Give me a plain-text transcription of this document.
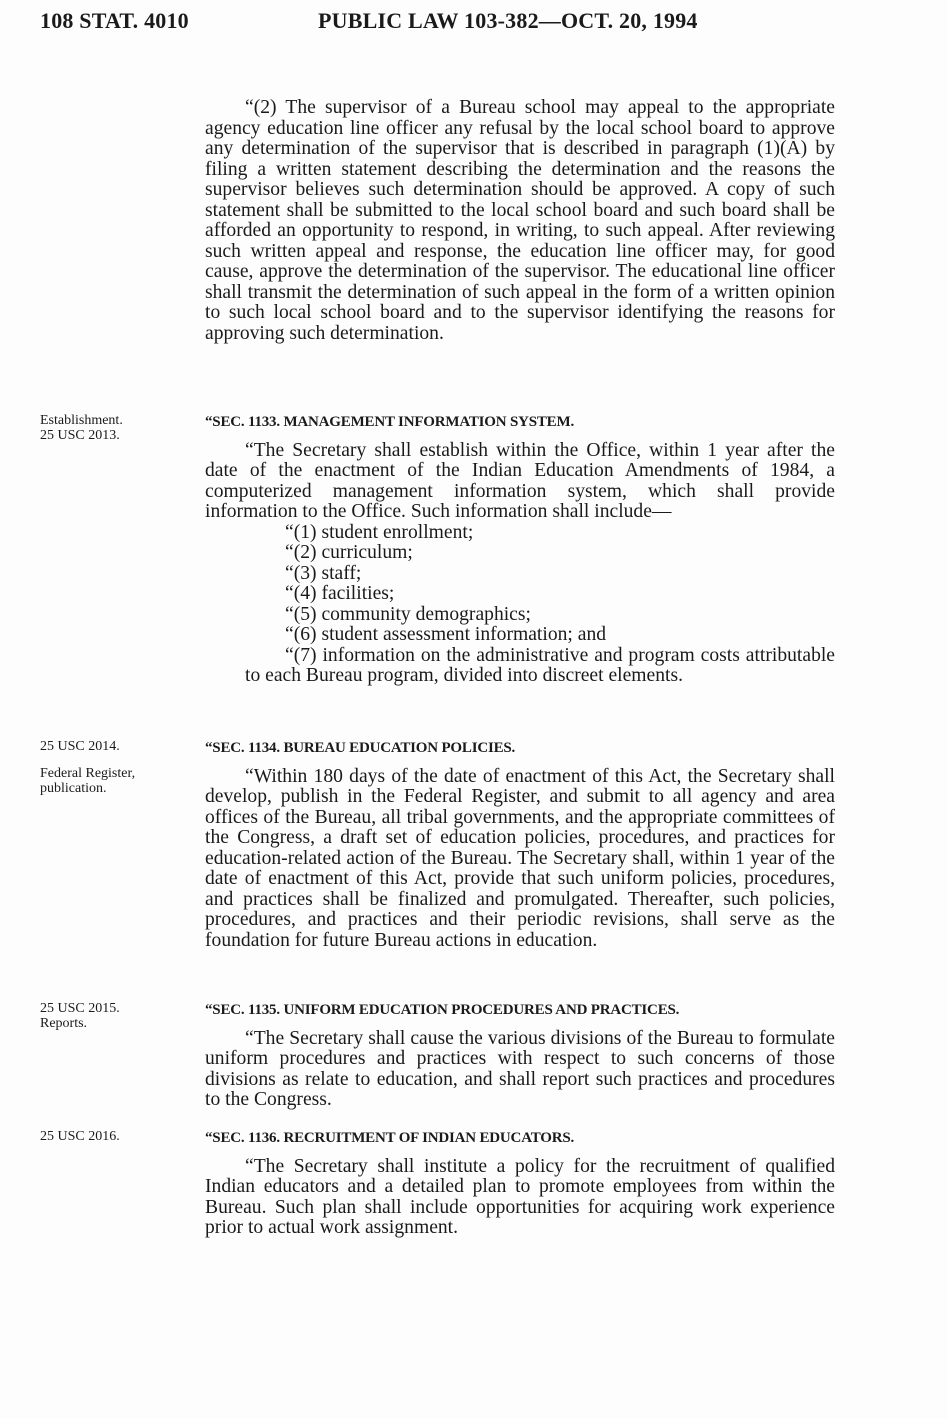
108 STAT. 4010	PUBLIC LAW 103-382—OCT. 20, 1994

“(2) The supervisor of a Bureau school may appeal to the appropriate agency education line officer any refusal by the local school board to approve any determination of the supervisor that is described in paragraph (1)(A) by filing a written statement describing the determination and the reasons the supervisor believes such determination should be approved. A copy of such statement shall be submitted to the local school board and such board shall be afforded an opportunity to respond, in writing, to such appeal. After reviewing such written appeal and response, the education line officer may, for good cause, approve the determination of the supervisor. The educational line officer shall transmit the determination of such appeal in the form of a written opinion to such local school board and to the supervisor identifying the reasons for approving such determination.

Establishment.
25 USC 2013.
“SEC. 1133. MANAGEMENT INFORMATION SYSTEM.

“The Secretary shall establish within the Office, within 1 year after the date of the enactment of the Indian Education Amendments of 1984, a computerized management information system, which shall provide information to the Office. Such information shall include—

“(1) student enrollment;
“(2) curriculum;
“(3) staff;
“(4) facilities;
“(5) community demographics;
“(6) student assessment information; and
“(7) information on the administrative and program costs attributable to each Bureau program, divided into discreet elements.
25 USC 2014.
Federal Register, publication.
“SEC. 1134. BUREAU EDUCATION POLICIES.

“Within 180 days of the date of enactment of this Act, the Secretary shall develop, publish in the Federal Register, and submit to all agency and area offices of the Bureau, all tribal governments, and the appropriate committees of the Congress, a draft set of education policies, procedures, and practices for education-related action of the Bureau. The Secretary shall, within 1 year of the date of enactment of this Act, provide that such uniform policies, procedures, and practices shall be finalized and promulgated. Thereafter, such policies, procedures, and practices and their periodic revisions, shall serve as the foundation for future Bureau actions in education.

25 USC 2015.
Reports.
“SEC. 1135. UNIFORM EDUCATION PROCEDURES AND PRACTICES.

“The Secretary shall cause the various divisions of the Bureau to formulate uniform procedures and practices with respect to such concerns of those divisions as relate to education, and shall report such practices and procedures to the Congress.

25 USC 2016.	“SEC. 1136. RECRUITMENT OF INDIAN EDUCATORS.

“The Secretary shall institute a policy for the recruitment of qualified Indian educators and a detailed plan to promote employees from within the Bureau. Such plan shall include opportunities for acquiring work experience prior to actual work assignment.
